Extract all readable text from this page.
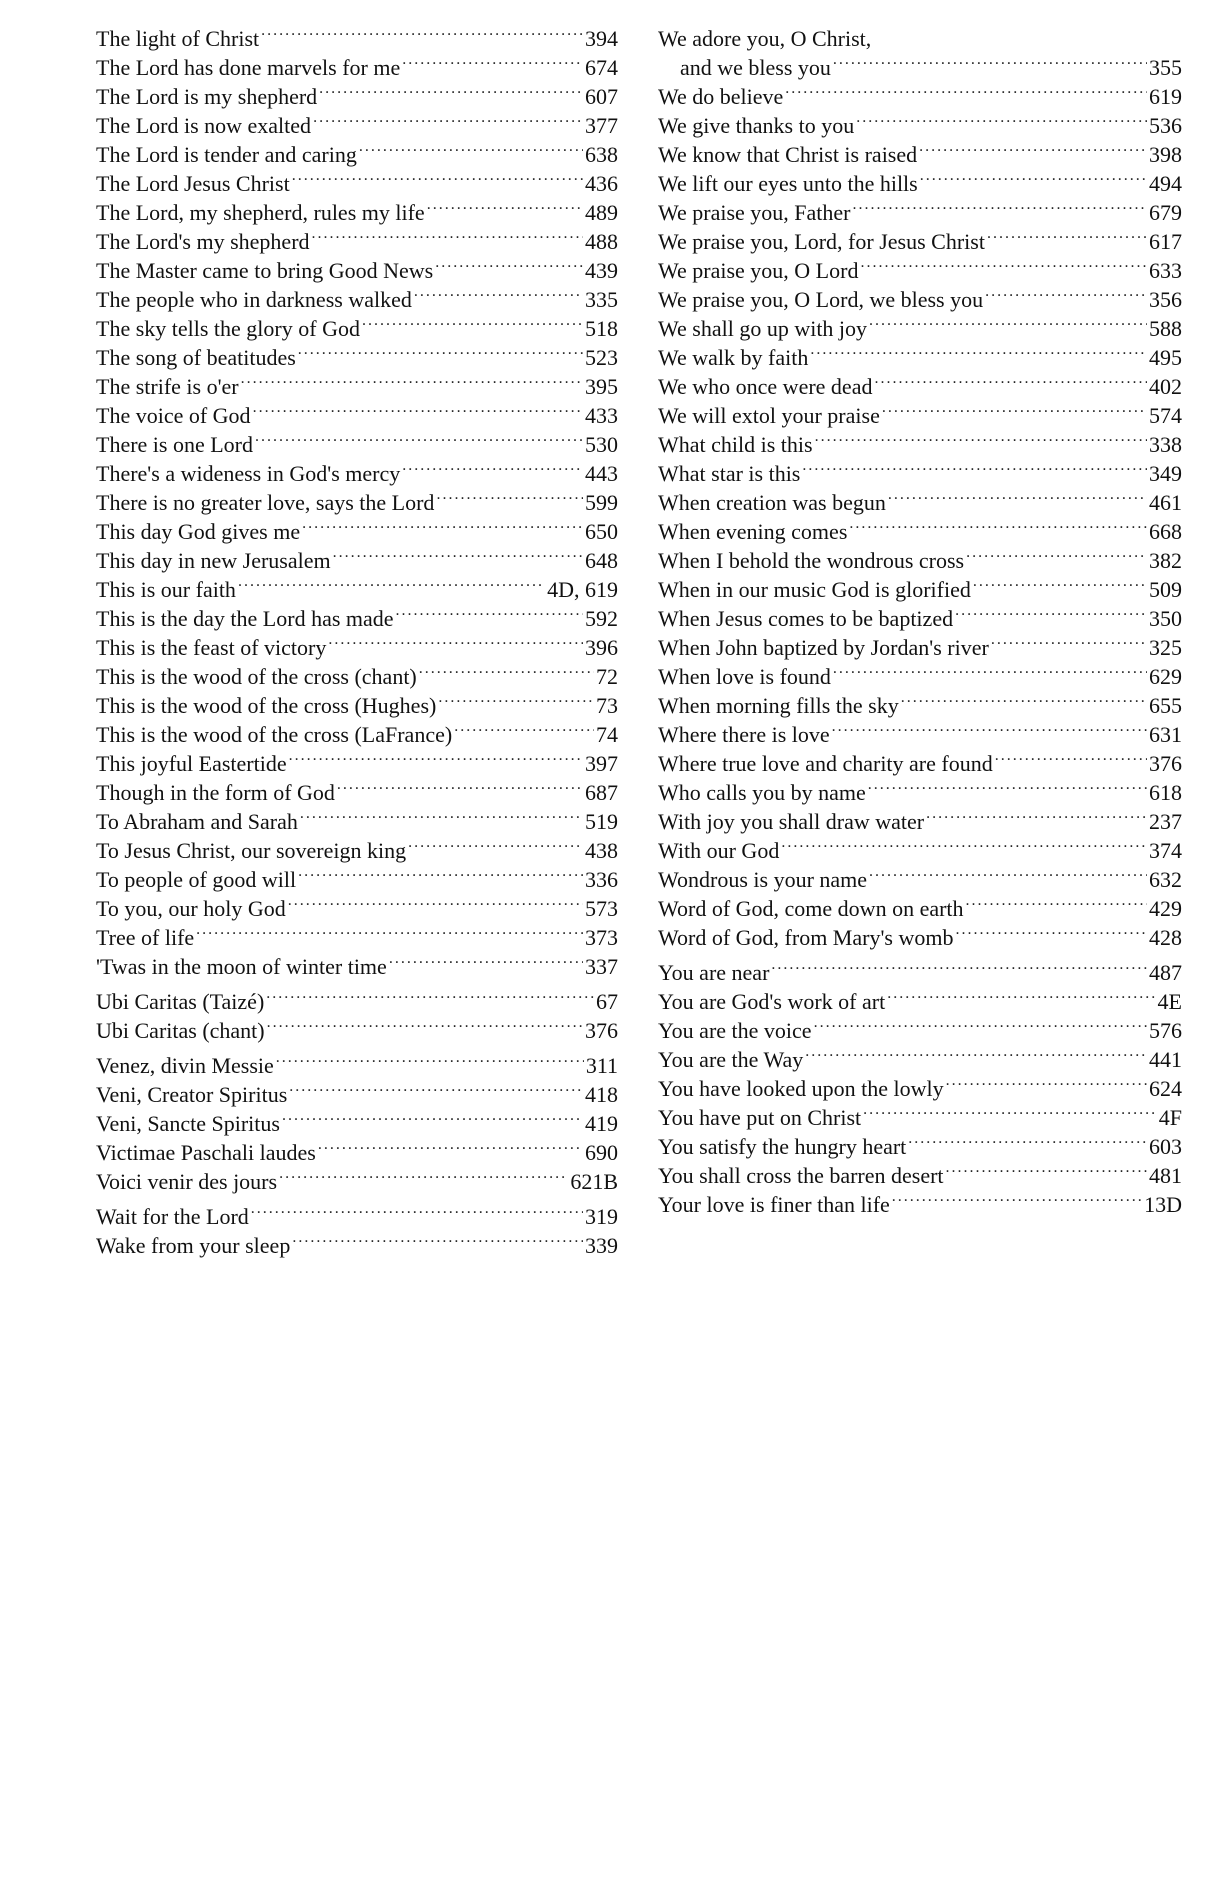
The light of Christ .....	394
The Lord has done marvels for me .....	674
The Lord is my shepherd .....	607
The Lord is now exalted .....	377
The Lord is tender and caring .....	638
The Lord Jesus Christ .....	436
The Lord, my shepherd, rules my life .....	489
The Lord's my shepherd .....	488
The Master came to bring Good News .....	439
The people who in darkness walked .....	335
The sky tells the glory of God .....	518
The song of beatitudes .....	523
The strife is o'er .....	395
The voice of God .....	433
There is one Lord .....	530
There's a wideness in God's mercy .....	443
There is no greater love, says the Lord .....	599
This day God gives me .....	650
This day in new Jerusalem .....	648
This is our faith .....	4D, 619
This is the day the Lord has made .....	592
This is the feast of victory .....	396
This is the wood of the cross (chant) .....	72
This is the wood of the cross (Hughes) .....	73
This is the wood of the cross (LaFrance) .....	74
This joyful Eastertide .....	397
Though in the form of God .....	687
To Abraham and Sarah .....	519
To Jesus Christ, our sovereign king .....	438
To people of good will .....	336
To you, our holy God .....	573
Tree of life .....	373
'Twas in the moon of winter time .....	337
Ubi Caritas (Taizé) .....	67
Ubi Caritas (chant) .....	376
Venez, divin Messie .....	311
Veni, Creator Spiritus .....	418
Veni, Sancte Spiritus .....	419
Victimae Paschali laudes .....	690
Voici venir des jours .....	621B
Wait for the Lord .....	319
Wake from your sleep .....	339
We adore you, O Christ,
and we bless you .....	355
We do believe .....	619
We give thanks to you .....	536
We know that Christ is raised .....	398
We lift our eyes unto the hills .....	494
We praise you, Father .....	679
We praise you, Lord, for Jesus Christ .....	617
We praise you, O Lord .....	633
We praise you, O Lord, we bless you .....	356
We shall go up with joy .....	588
We walk by faith .....	495
We who once were dead .....	402
We will extol your praise .....	574
What child is this .....	338
What star is this .....	349
When creation was begun .....	461
When evening comes .....	668
When I behold the wondrous cross .....	382
When in our music God is glorified .....	509
When Jesus comes to be baptized .....	350
When John baptized by Jordan's river .....	325
When love is found .....	629
When morning fills the sky .....	655
Where there is love .....	631
Where true love and charity are found .....	376
Who calls you by name .....	618
With joy you shall draw water .....	237
With our God .....	374
Wondrous is your name .....	632
Word of God, come down on earth .....	429
Word of God, from Mary's womb .....	428
You are near .....	487
You are God's work of art .....	4E
You are the voice .....	576
You are the Way .....	441
You have looked upon the lowly .....	624
You have put on Christ .....	4F
You satisfy the hungry heart .....	603
You shall cross the barren desert .....	481
Your love is finer than life .....	13D
